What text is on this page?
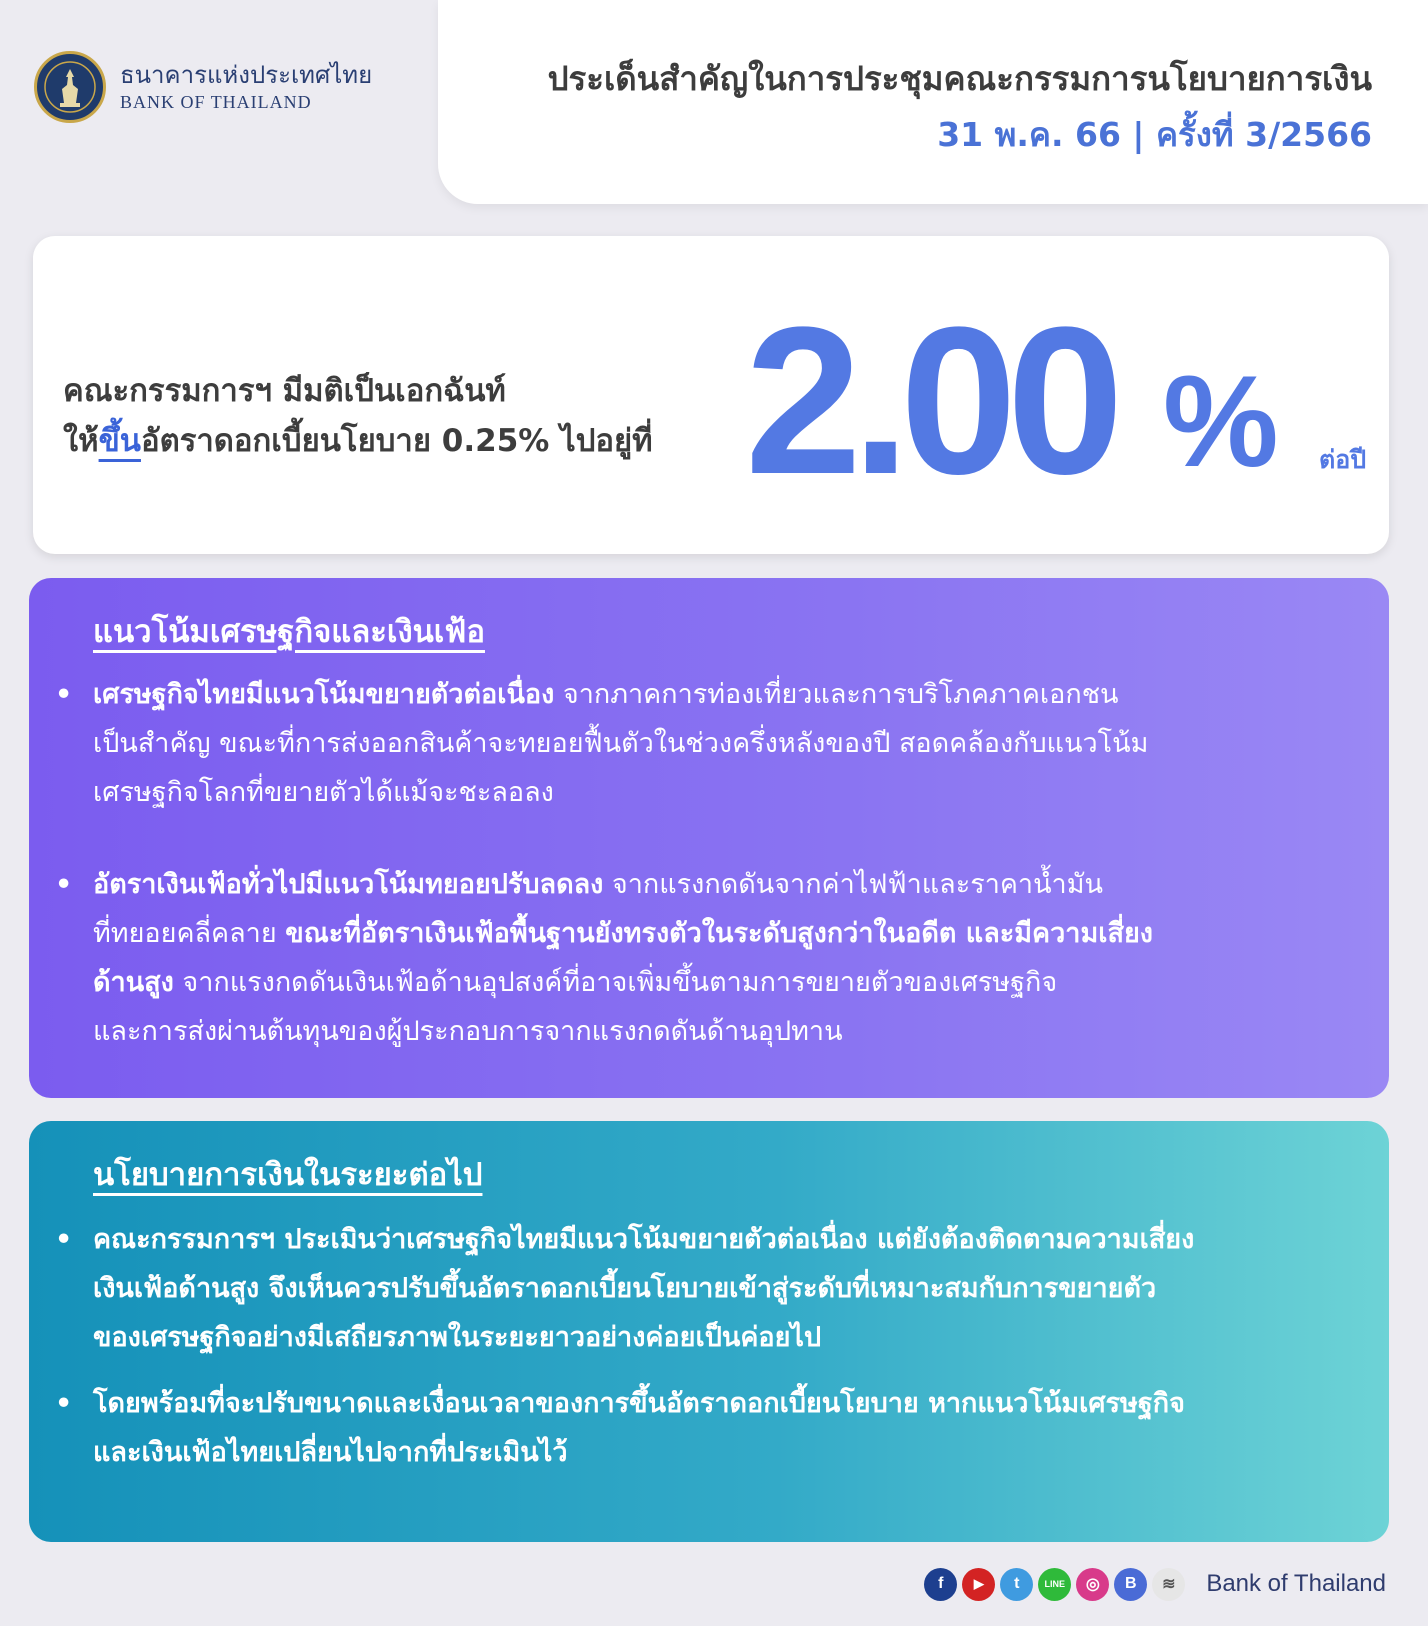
ธนาคารแห่งประเทศไทย
BANK OF THAILAND
ประเด็นสำคัญในการประชุมคณะกรรมการนโยบายการเงิน
31 พ.ค. 66 | ครั้งที่ 3/2566
คณะกรรมการฯ มีมติเป็นเอกฉันท์
ให้ขึ้นอัตราดอกเบี้ยนโยบาย 0.25% ไปอยู่ที่ 2.00 % ต่อปี
แนวโน้มเศรษฐกิจและเงินเฟ้อ
• เศรษฐกิจไทยมีแนวโน้มขยายตัวต่อเนื่อง จากภาคการท่องเที่ยวและการบริโภคภาคเอกชน
เป็นสำคัญ ขณะที่การส่งออกสินค้าจะทยอยฟื้นตัวในช่วงครึ่งหลังของปี สอดคล้องกับแนวโน้ม
เศรษฐกิจโลกที่ขยายตัวได้แม้จะชะลอลง
• อัตราเงินเฟ้อทั่วไปมีแนวโน้มทยอยปรับลดลง จากแรงกดดันจากค่าไฟฟ้าและราคาน้ำมัน
ที่ทยอยคลี่คลาย ขณะที่อัตราเงินเฟ้อพื้นฐานยังทรงตัวในระดับสูงกว่าในอดีต และมีความเสี่ยง
ด้านสูง จากแรงกดดันเงินเฟ้อด้านอุปสงค์ที่อาจเพิ่มขึ้นตามการขยายตัวของเศรษฐกิจ
และการส่งผ่านต้นทุนของผู้ประกอบการจากแรงกดดันด้านอุปทาน
นโยบายการเงินในระยะต่อไป
• คณะกรรมการฯ ประเมินว่าเศรษฐกิจไทยมีแนวโน้มขยายตัวต่อเนื่อง แต่ยังต้องติดตามความเสี่ยง
เงินเฟ้อด้านสูง จึงเห็นควรปรับขึ้นอัตราดอกเบี้ยนโยบายเข้าสู่ระดับที่เหมาะสมกับการขยายตัว
ของเศรษฐกิจอย่างมีเสถียรภาพในระยะยาวอย่างค่อยเป็นค่อยไป
• โดยพร้อมที่จะปรับขนาดและเงื่อนเวลาของการขึ้นอัตราดอกเบี้ยนโยบาย หากแนวโน้มเศรษฐกิจ
และเงินเฟ้อไทยเปลี่ยนไปจากที่ประเมินไว้
f	▶	t	LINE	◎	B	≋	Bank of Thailand
